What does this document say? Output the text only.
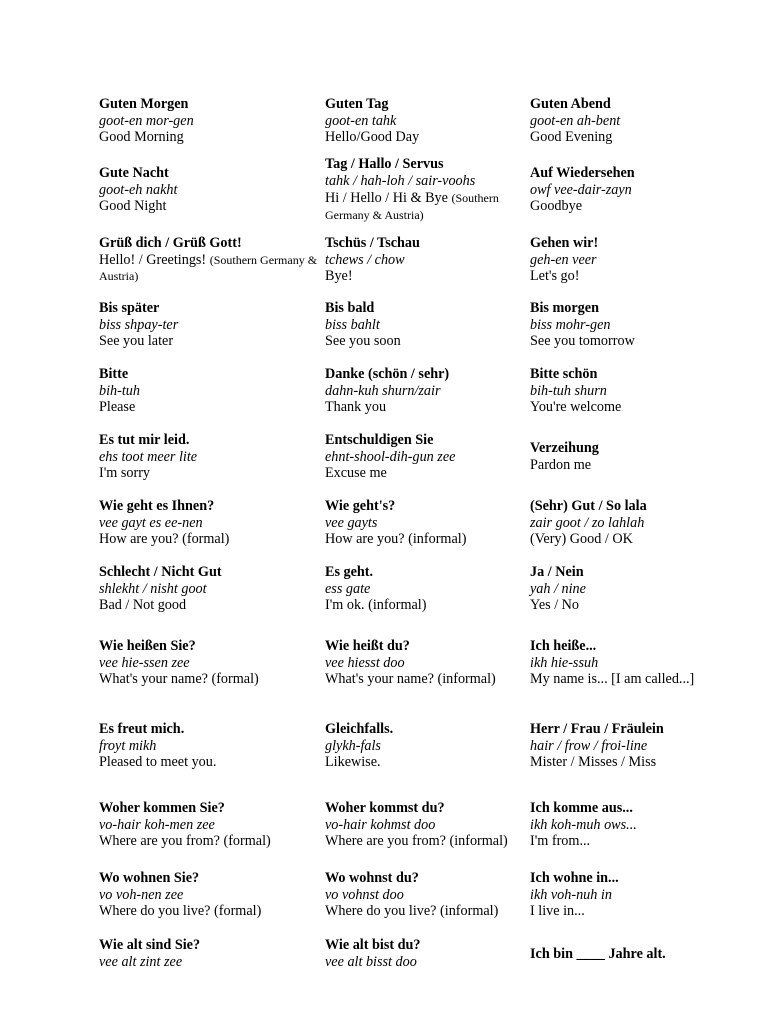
Guten Morgen
goot-en mor-gen
Good Morning
Guten Tag
goot-en tahk
Hello/Good Day
Guten Abend
goot-en ah-bent
Good Evening
Gute Nacht
goot-eh nakht
Good Night
Tag / Hallo / Servus
tahk / hah-loh / sair-voohs
Hi / Hello / Hi & Bye (Southern Germany & Austria)
Auf Wiedersehen
owf vee-dair-zayn
Goodbye
Grüß dich / Grüß Gott!
Hello! / Greetings! (Southern Germany & Austria)
Tschüs / Tschau
tchews / chow
Bye!
Gehen wir!
geh-en veer
Let's go!
Bis später
biss shpay-ter
See you later
Bis bald
biss bahlt
See you soon
Bis morgen
biss mohr-gen
See you tomorrow
Bitte
bih-tuh
Please
Danke (schön / sehr)
dahn-kuh shurn/zair
Thank you
Bitte schön
bih-tuh shurn
You're welcome
Es tut mir leid.
ehs toot meer lite
I'm sorry
Entschuldigen Sie
ehnt-shool-dih-gun zee
Excuse me
Verzeihung
Pardon me
Wie geht es Ihnen?
vee gayt es ee-nen
How are you? (formal)
Wie geht's?
vee gayts
How are you? (informal)
(Sehr) Gut / So lala
zair goot / zo lahlah
(Very) Good / OK
Schlecht / Nicht Gut
shlekht / nisht goot
Bad / Not good
Es geht.
ess gate
I'm ok. (informal)
Ja / Nein
yah / nine
Yes / No
Wie heißen Sie?
vee hie-ssen zee
What's your name? (formal)
Wie heißt du?
vee hiesst doo
What's your name? (informal)
Ich heiße...
ikh hie-ssuh
My name is... [I am called...]
Es freut mich.
froyt mikh
Pleased to meet you.
Gleichfalls.
glykh-fals
Likewise.
Herr / Frau / Fräulein
hair / frow / froi-line
Mister / Misses / Miss
Woher kommen Sie?
vo-hair koh-men zee
Where are you from? (formal)
Woher kommst du?
vo-hair kohmst doo
Where are you from? (informal)
Ich komme aus...
ikh koh-muh ows...
I'm from...
Wo wohnen Sie?
vo voh-nen zee
Where do you live? (formal)
Wo wohnst du?
vo vohnst doo
Where do you live? (informal)
Ich wohne in...
ikh voh-nuh in
I live in...
Wie alt sind Sie?
vee alt zint zee
Wie alt bist du?
vee alt bisst doo
Ich bin ____ Jahre alt.
